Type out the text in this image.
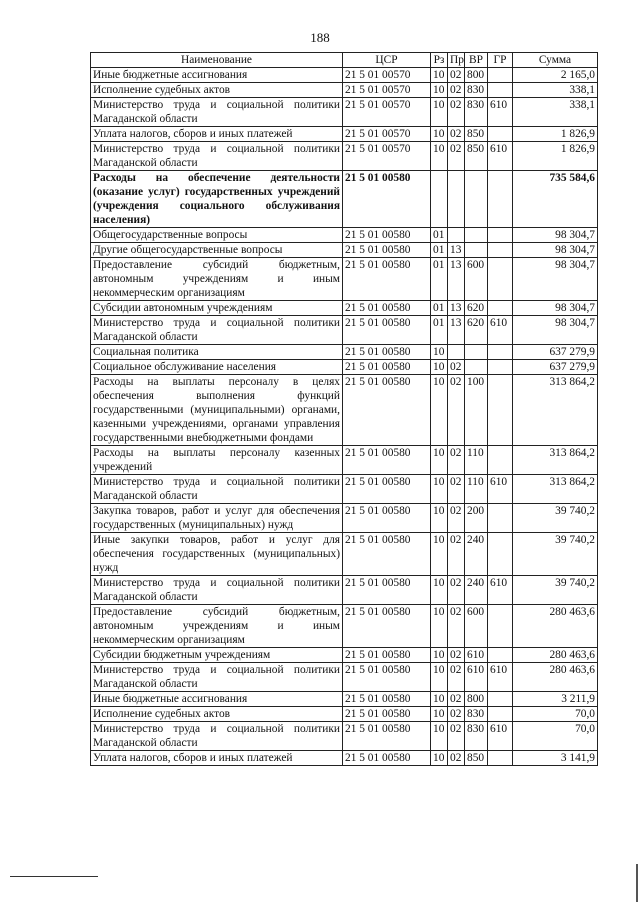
188
Наименование	ЦСР	Рз	Пр	ВР	ГР	Сумма
Иные бюджетные ассигнования	21 5 01 00570	10	02	800		2 165,0
Исполнение судебных актов	21 5 01 00570	10	02	830		338,1
Министерство труда и социальной политики Магаданской области	21 5 01 00570	10	02	830	610	338,1
Уплата налогов, сборов и иных платежей	21 5 01 00570	10	02	850		1 826,9
Министерство труда и социальной политики Магаданской области	21 5 01 00570	10	02	850	610	1 826,9
Расходы на обеспечение деятельности (оказание услуг) государственных учреждений (учреждения социального обслуживания населения)	21 5 01 00580					735 584,6
Общегосударственные вопросы	21 5 01 00580	01				98 304,7
Другие общегосударственные вопросы	21 5 01 00580	01	13			98 304,7
Предоставление субсидий бюджетным, автономным учреждениям и иным некоммерческим организациям	21 5 01 00580	01	13	600		98 304,7
Субсидии автономным учреждениям	21 5 01 00580	01	13	620		98 304,7
Министерство труда и социальной политики Магаданской области	21 5 01 00580	01	13	620	610	98 304,7
Социальная политика	21 5 01 00580	10				637 279,9
Социальное обслуживание населения	21 5 01 00580	10	02			637 279,9
Расходы на выплаты персоналу в целях обеспечения выполнения функций государственными (муниципальными) органами, казенными учреждениями, органами управления государственными внебюджетными фондами	21 5 01 00580	10	02	100		313 864,2
Расходы на выплаты персоналу казенных учреждений	21 5 01 00580	10	02	110		313 864,2
Министерство труда и социальной политики Магаданской области	21 5 01 00580	10	02	110	610	313 864,2
Закупка товаров, работ и услуг для обеспечения государственных (муниципальных) нужд	21 5 01 00580	10	02	200		39 740,2
Иные закупки товаров, работ и услуг для обеспечения государственных (муниципальных) нужд	21 5 01 00580	10	02	240		39 740,2
Министерство труда и социальной политики Магаданской области	21 5 01 00580	10	02	240	610	39 740,2
Предоставление субсидий бюджетным, автономным учреждениям и иным некоммерческим организациям	21 5 01 00580	10	02	600		280 463,6
Субсидии бюджетным учреждениям	21 5 01 00580	10	02	610		280 463,6
Министерство труда и социальной политики Магаданской области	21 5 01 00580	10	02	610	610	280 463,6
Иные бюджетные ассигнования	21 5 01 00580	10	02	800		3 211,9
Исполнение судебных актов	21 5 01 00580	10	02	830		70,0
Министерство труда и социальной политики Магаданской области	21 5 01 00580	10	02	830	610	70,0
Уплата налогов, сборов и иных платежей	21 5 01 00580	10	02	850		3 141,9
